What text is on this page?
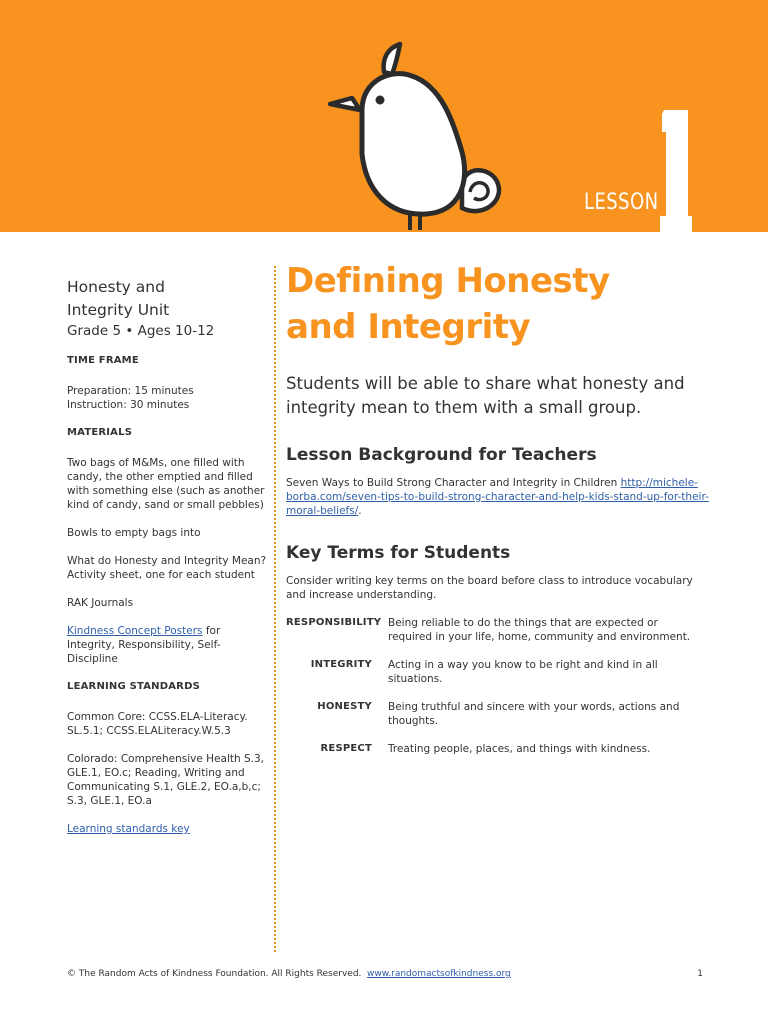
LESSON
Honesty and
Integrity Unit
Grade 5 • Ages 10-12
TIME FRAME
Preparation: 15 minutes
Instruction: 30 minutes
MATERIALS
Two bags of M&Ms, one filled with candy, the other emptied and filled with something else (such as another kind of candy, sand or small pebbles)
Bowls to empty bags into
What do Honesty and Integrity Mean? Activity sheet, one for each student
RAK Journals
Kindness Concept Posters for Integrity, Responsibility, Self-Discipline
LEARNING STANDARDS
Common Core: CCSS.ELA-Literacy. SL.5.1; CCSS.ELALiteracy.W.5.3
Colorado: Comprehensive Health S.3, GLE.1, EO.c; Reading, Writing and Communicating S.1, GLE.2, EO.a,b,c; S.3, GLE.1, EO.a
Learning standards key
Defining Honesty
and Integrity

Students will be able to share what honesty and integrity mean to them with a small group.

Lesson Background for Teachers

Seven Ways to Build Strong Character and Integrity in Children http://michele-borba.com/seven-tips-to-build-strong-character-and-help-kids-stand-up-for-their-moral-beliefs/.

Key Terms for Students

Consider writing key terms on the board before class to introduce vocabulary and increase understanding.

RESPONSIBILITY Being reliable to do the things that are expected or required in your life, home, community and environment.
INTEGRITY	Acting in a way you know to be right and kind in all situations.
HONESTY	Being truthful and sincere with your words, actions and thoughts.
RESPECT	Treating people, places, and things with kindness.
© The Random Acts of Kindness Foundation. All Rights Reserved. www.randomactsofkindness.org	1
